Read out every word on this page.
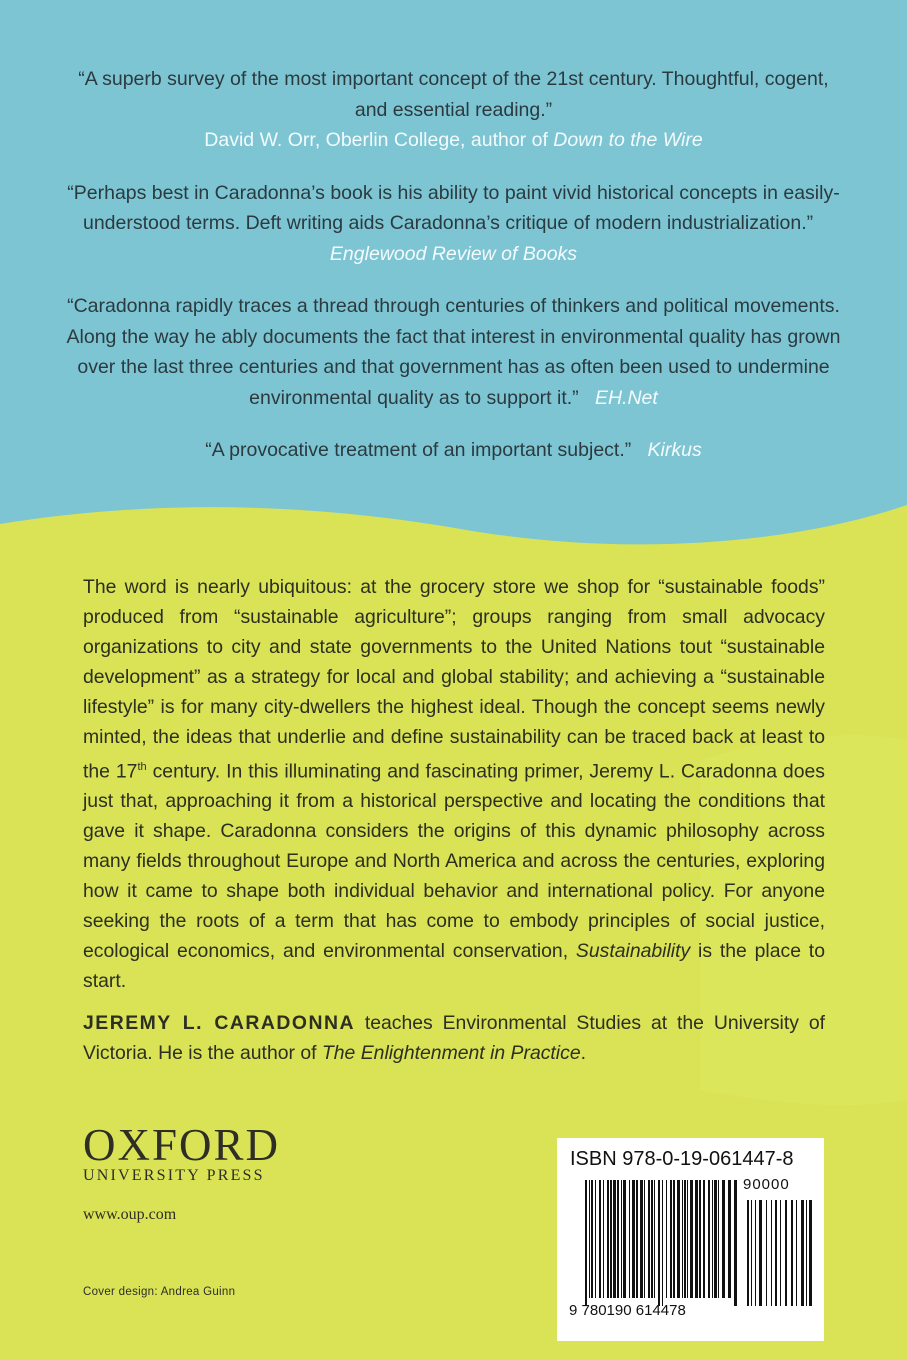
“A superb survey of the most important concept of the 21st century. Thoughtful, cogent, and essential reading.”
David W. Orr, Oberlin College, author of Down to the Wire

“Perhaps best in Caradonna’s book is his ability to paint vivid historical concepts in easily-understood terms. Deft writing aids Caradonna’s critique of modern industrialization.”   Englewood Review of Books

“Caradonna rapidly traces a thread through centuries of thinkers and political movements. Along the way he ably documents the fact that interest in environmental quality has grown over the last three centuries and that government has as often been used to undermine environmental quality as to support it.” EH.Net

“A provocative treatment of an important subject.” Kirkus

The word is nearly ubiquitous: at the grocery store we shop for “sustainable foods” produced from “sustainable agriculture”; groups ranging from small advocacy organizations to city and state governments to the United Nations tout “sustainable development” as a strategy for local and global stability; and achieving a “sustainable lifestyle” is for many city-dwellers the highest ideal. Though the concept seems newly minted, the ideas that underlie and define sustainability can be traced back at least to the 17th century. In this illuminating and fascinating primer, Jeremy L. Caradonna does just that, approaching it from a historical perspective and locating the conditions that gave it shape. Caradonna considers the origins of this dynamic philosophy across many fields throughout Europe and North America and across the centuries, exploring how it came to shape both individual behavior and international policy. For anyone seeking the roots of a term that has come to embody principles of social justice, ecological economics, and environmental conservation, Sustainability is the place to start.

JEREMY L. CARADONNA teaches Environmental Studies at the University of Victoria. He is the author of The Enlightenment in Practice.

OXFORD
UNIVERSITY PRESS
www.oup.com
Cover design: Andrea Guinn
ISBN 978-0-19-061447-8
90000
9 780190 614478
